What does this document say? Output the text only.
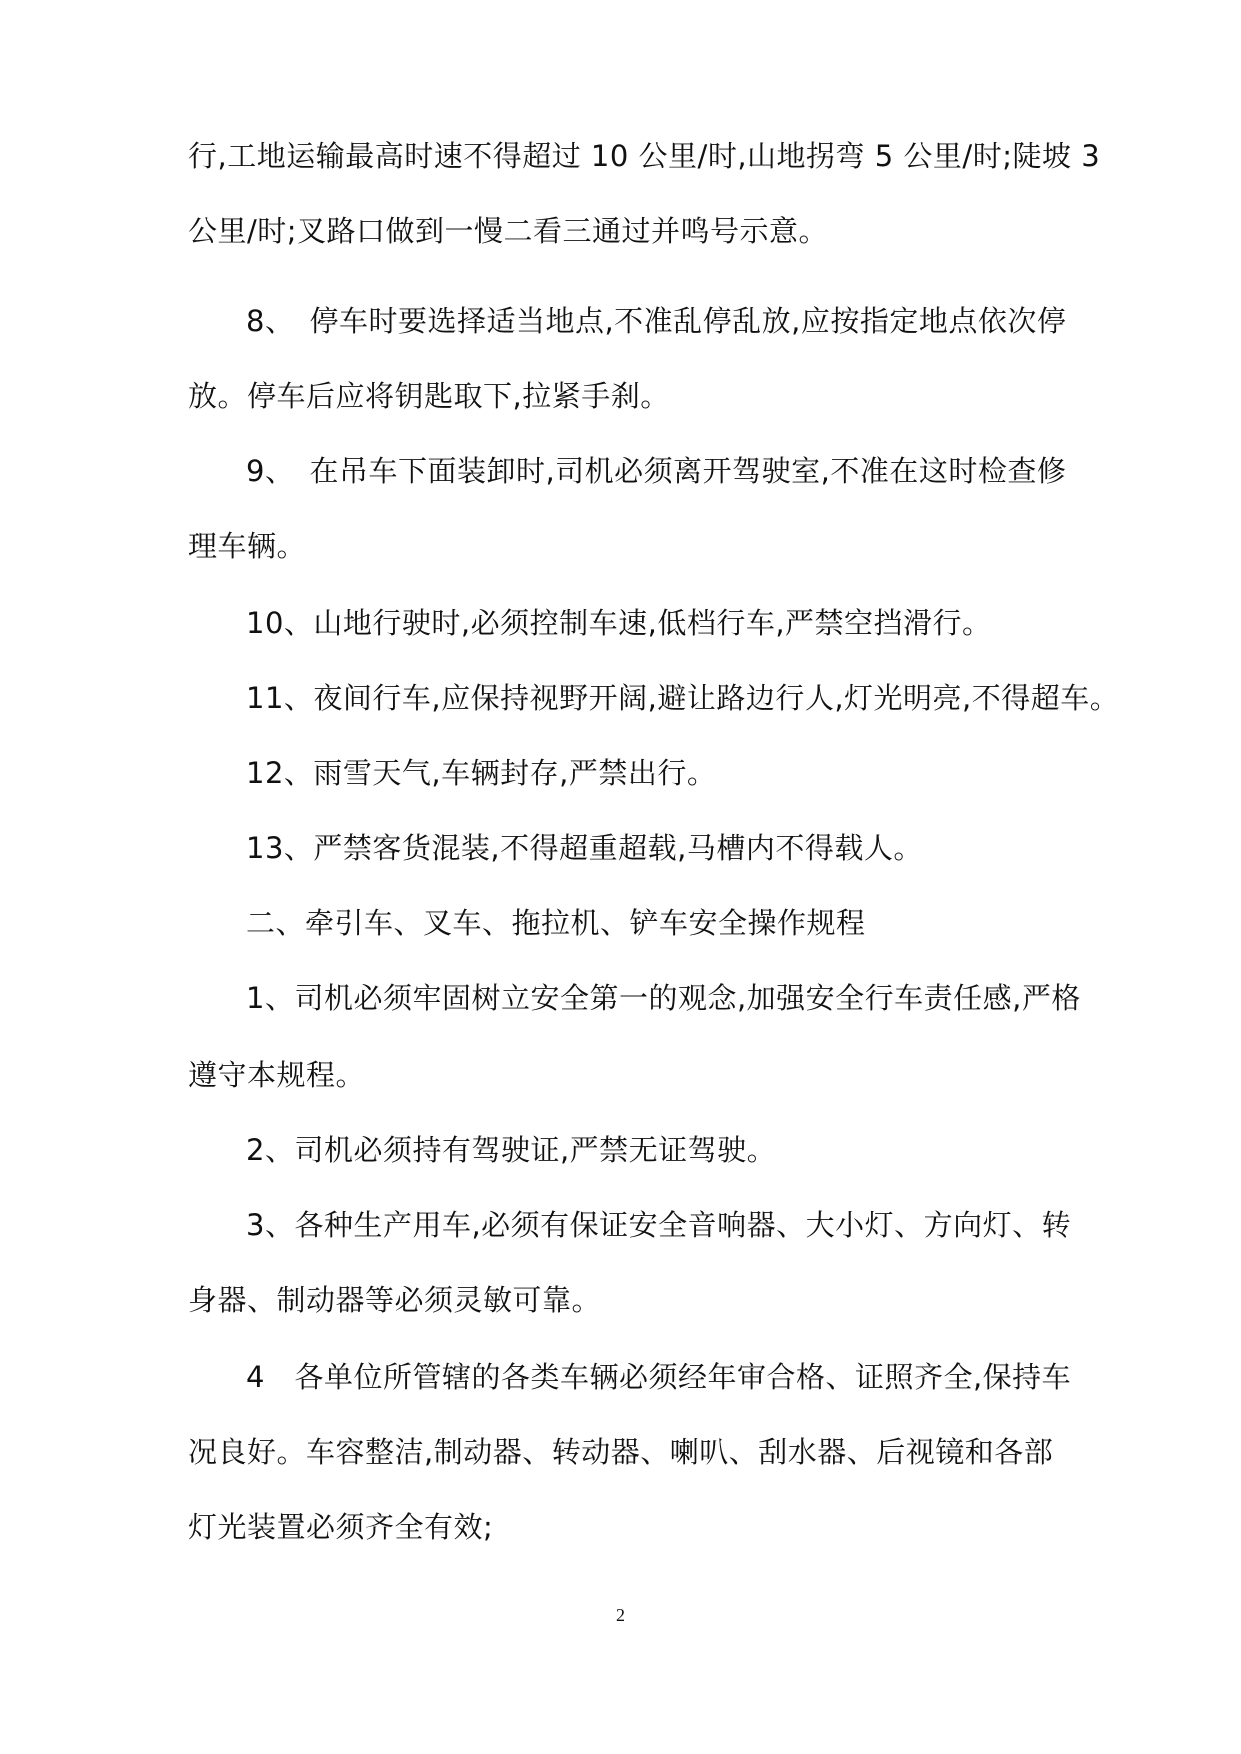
行,工地运输最高时速不得超过 10 公里/时,山地拐弯 5 公里/时;陡坡 3

公里/时;叉路口做到一慢二看三通过并鸣号示意。

8、　停车时要选择适当地点,不准乱停乱放,应按指定地点依次停

放。停车后应将钥匙取下,拉紧手刹。

9、　在吊车下面装卸时,司机必须离开驾驶室,不准在这时检查修

理车辆。

10、山地行驶时,必须控制车速,低档行车,严禁空挡滑行。

11、夜间行车,应保持视野开阔,避让路边行人,灯光明亮,不得超车。

12、雨雪天气,车辆封存,严禁出行。

13、严禁客货混装,不得超重超载,马槽内不得载人。

二、牵引车、叉车、拖拉机、铲车安全操作规程

1、司机必须牢固树立安全第一的观念,加强安全行车责任感,严格

遵守本规程。

2、司机必须持有驾驶证,严禁无证驾驶。

3、各种生产用车,必须有保证安全音响器、大小灯、方向灯、转

身器、制动器等必须灵敏可靠。

4　各单位所管辖的各类车辆必须经年审合格、证照齐全,保持车

况良好。车容整洁,制动器、转动器、喇叭、刮水器、后视镜和各部

灯光装置必须齐全有效;

2
